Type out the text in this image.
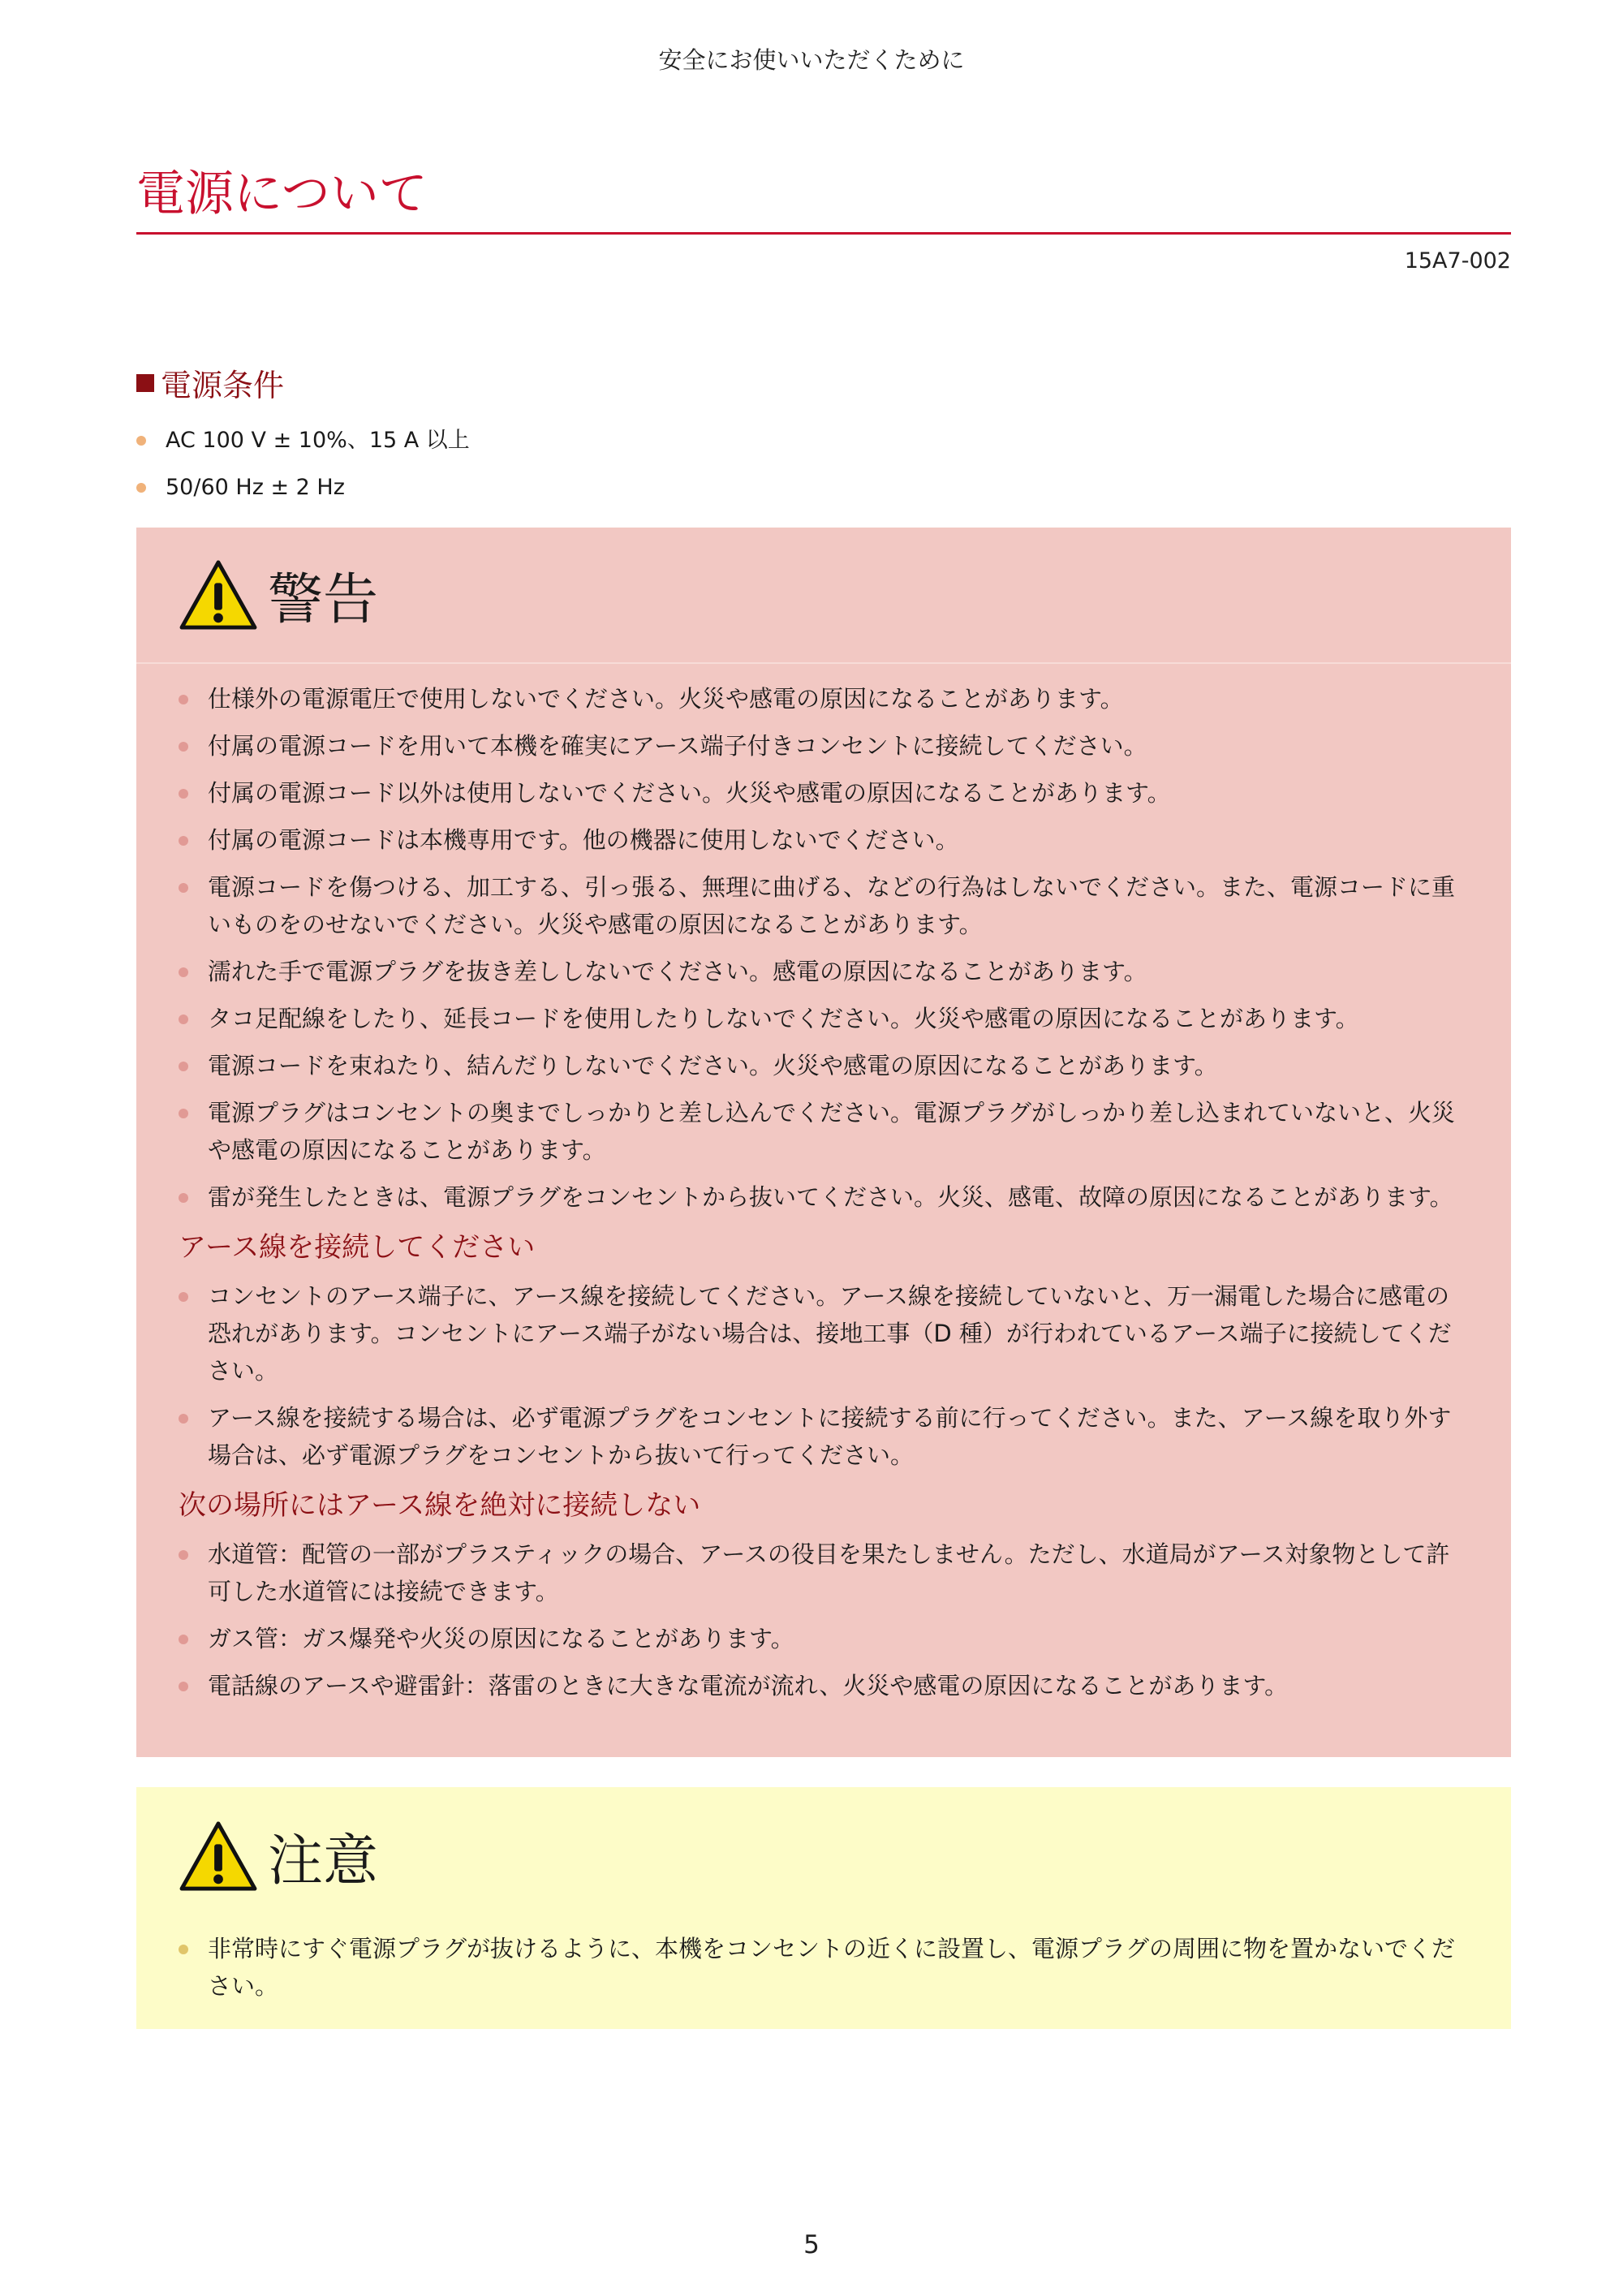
安全にお使いいただくために
電源について
15A7-002
電源条件
AC 100 V ± 10%、15 A 以上
50/60 Hz ± 2 Hz
警告
仕様外の電源電圧で使用しないでください。火災や感電の原因になることがあります。
付属の電源コードを用いて本機を確実にアース端子付きコンセントに接続してください。
付属の電源コード以外は使用しないでください。火災や感電の原因になることがあります。
付属の電源コードは本機専用です。他の機器に使用しないでください。
電源コードを傷つける、加工する、引っ張る、無理に曲げる、などの行為はしないでください。また、電源コードに重いものをのせないでください。火災や感電の原因になることがあります。
濡れた手で電源プラグを抜き差ししないでください。感電の原因になることがあります。
タコ足配線をしたり、延長コードを使用したりしないでください。火災や感電の原因になることがあります。
電源コードを束ねたり、結んだりしないでください。火災や感電の原因になることがあります。
電源プラグはコンセントの奥までしっかりと差し込んでください。電源プラグがしっかり差し込まれていないと、火災や感電の原因になることがあります。
雷が発生したときは、電源プラグをコンセントから抜いてください。火災、感電、故障の原因になることがあります。
アース線を接続してください
コンセントのアース端子に、アース線を接続してください。アース線を接続していないと、万一漏電した場合に感電の恐れがあります。コンセントにアース端子がない場合は、接地工事（D 種）が行われているアース端子に接続してください。
アース線を接続する場合は、必ず電源プラグをコンセントに接続する前に行ってください。また、アース線を取り外す場合は、必ず電源プラグをコンセントから抜いて行ってください。
次の場所にはアース線を絶対に接続しない
水道管：配管の一部がプラスティックの場合、アースの役目を果たしません。ただし、水道局がアース対象物として許可した水道管には接続できます。
ガス管：ガス爆発や火災の原因になることがあります。
電話線のアースや避雷針：落雷のときに大きな電流が流れ、火災や感電の原因になることがあります。
注意
非常時にすぐ電源プラグが抜けるように、本機をコンセントの近くに設置し、電源プラグの周囲に物を置かないでください。
5
